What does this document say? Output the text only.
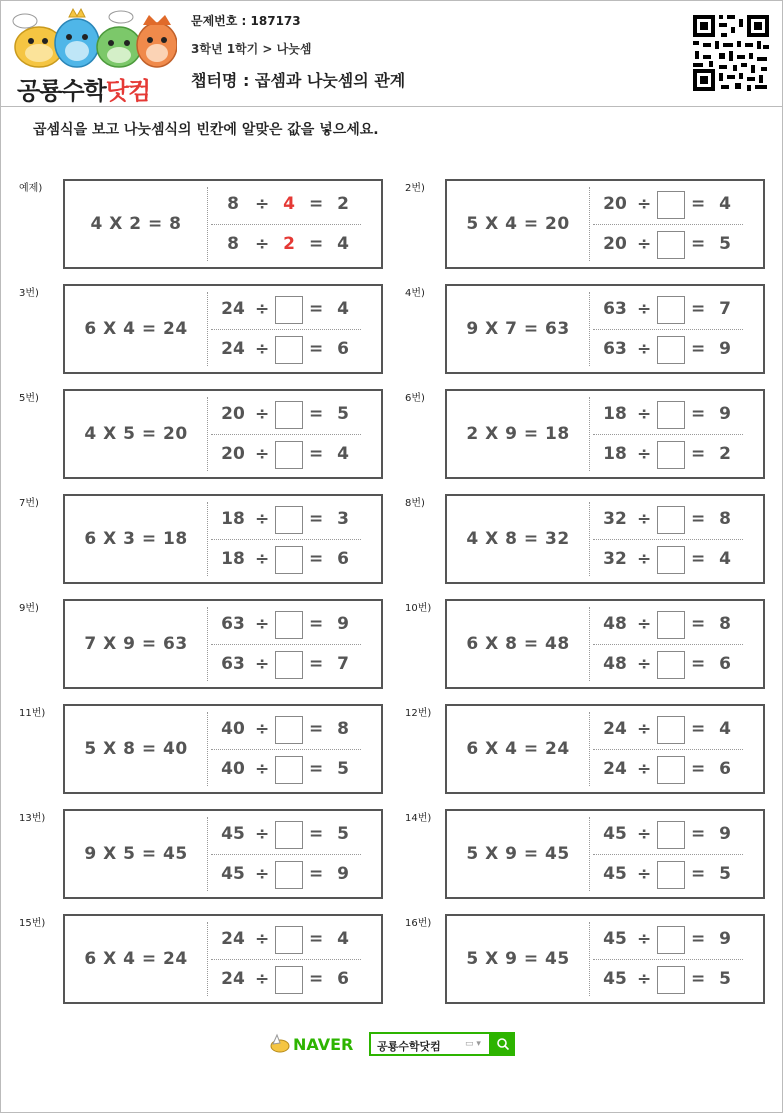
공룡수학닷컴
문제번호 : 187173
3학년 1학기 > 나눗셈
챕터명 : 곱셈과 나눗셈의 관계
곱셈식을 보고 나눗셈식의 빈칸에 알맞은 값을 넣으세요.
예제)
4 X 2 = 8
8 ÷ 4 = 2
8 ÷ 2 = 4
2번)
5 X 4 = 20
20 ÷ = 4
20 ÷ = 5
3번)
6 X 4 = 24
24 ÷ = 4
24 ÷ = 6
4번)
9 X 7 = 63
63 ÷ = 7
63 ÷ = 9
5번)
4 X 5 = 20
20 ÷ = 5
20 ÷ = 4
6번)
2 X 9 = 18
18 ÷ = 9
18 ÷ = 2
7번)
6 X 3 = 18
18 ÷ = 3
18 ÷ = 6
8번)
4 X 8 = 32
32 ÷ = 8
32 ÷ = 4
9번)
7 X 9 = 63
63 ÷ = 9
63 ÷ = 7
10번)
6 X 8 = 48
48 ÷ = 8
48 ÷ = 6
11번)
5 X 8 = 40
40 ÷ = 8
40 ÷ = 5
12번)
6 X 4 = 24
24 ÷ = 4
24 ÷ = 6
13번)
9 X 5 = 45
45 ÷ = 5
45 ÷ = 9
14번)
5 X 9 = 45
45 ÷ = 9
45 ÷ = 5
15번)
6 X 4 = 24
24 ÷ = 4
24 ÷ = 6
16번)
5 X 9 = 45
45 ÷ = 9
45 ÷ = 5
NAVER 공룡수학닷컴	▭ ▾
